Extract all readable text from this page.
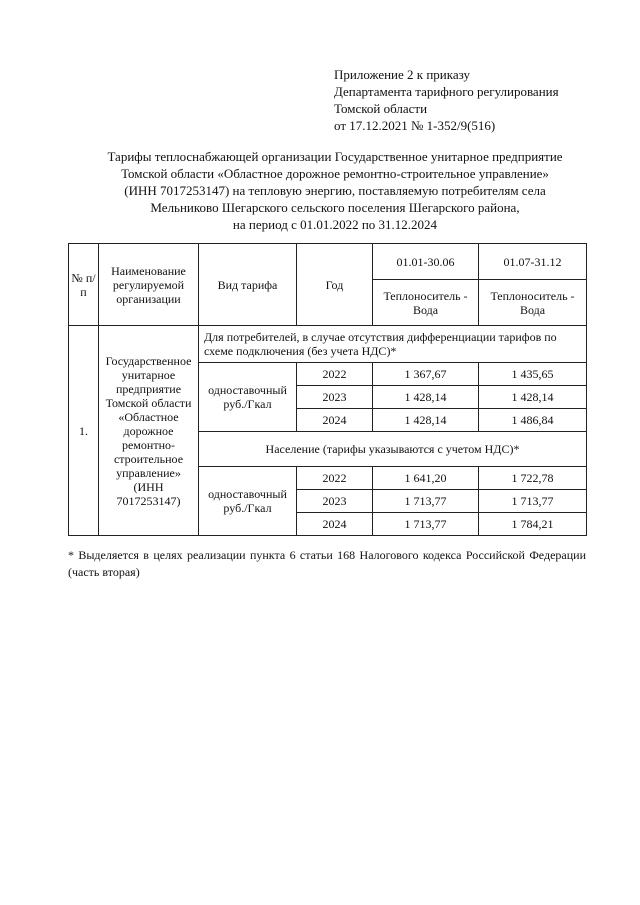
Приложение 2 к приказу
Департамента тарифного регулирования
Томской области
от 17.12.2021 № 1-352/9(516)
Тарифы теплоснабжающей организации Государственное унитарное предприятие
Томской области «Областное дорожное ремонтно-строительное управление»
(ИНН 7017253147) на тепловую энергию, поставляемую потребителям села
Мельниково Шегарского сельского поселения Шегарского района,
на период с 01.01.2022 по 31.12.2024
№ п/п	Наименование регулируемой организации	Вид тарифа	Год	01.01-30.06	01.07-31.12
				Теплоноситель - Вода	Теплоноситель - Вода
1.	Государственное унитарное предприятие Томской области «Областное дорожное ремонтно-строительное управление» (ИНН 7017253147)	Для потребителей, в случае отсутствия дифференциации тарифов по схеме подключения (без учета НДС)*			
		одноставочный руб./Гкал	2022	1 367,67	1 435,65
			2023	1 428,14	1 428,14
			2024	1 428,14	1 486,84
		Население (тарифы указываются с учетом НДС)*			
		одноставочный руб./Гкал	2022	1 641,20	1 722,78
			2023	1 713,77	1 713,77
			2024	1 713,77	1 784,21
* Выделяется в целях реализации пункта 6 статьи 168 Налогового кодекса Российской Федерации (часть вторая)
